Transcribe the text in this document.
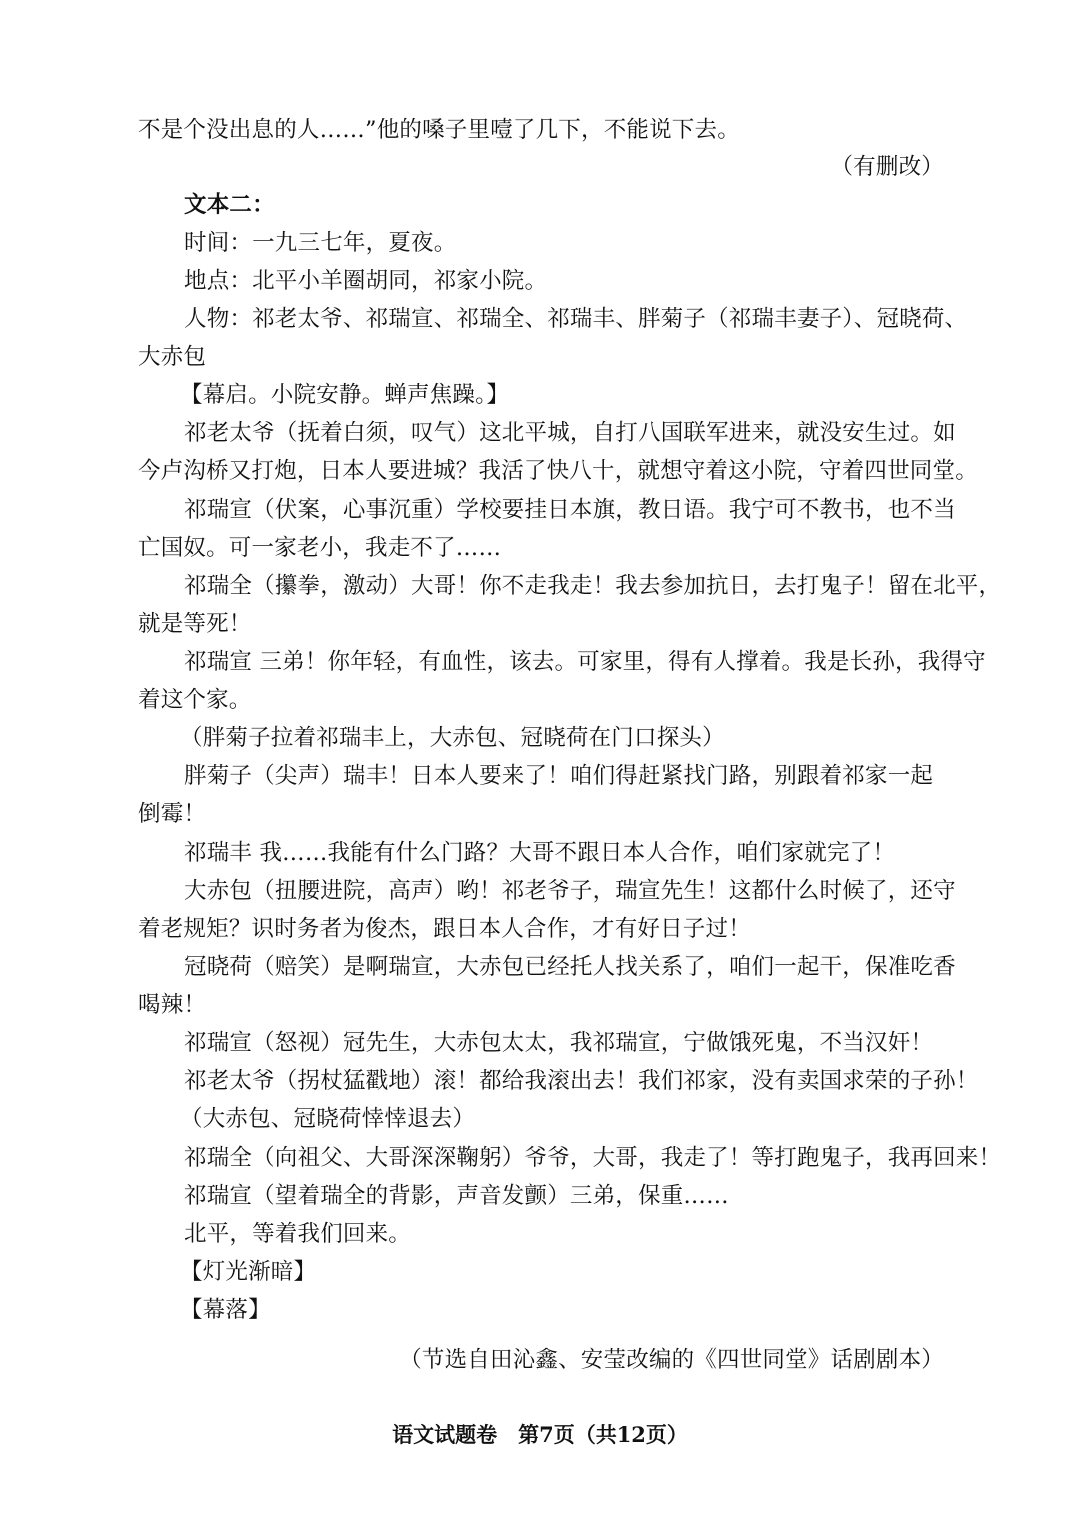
不是个没出息的人……”他的嗓子里噎了几下，不能说下去。
（有删改）
文本二：
时间：一九三七年，夏夜。
地点：北平小羊圈胡同，祁家小院。
人物：祁老太爷、祁瑞宣、祁瑞全、祁瑞丰、胖菊子（祁瑞丰妻子）、冠晓荷、
大赤包
【幕启。小院安静。蝉声焦躁。】
祁老太爷（抚着白须，叹气）这北平城，自打八国联军进来，就没安生过。如
今卢沟桥又打炮，日本人要进城？我活了快八十，就想守着这小院，守着四世同堂。
祁瑞宣（伏案，心事沉重）学校要挂日本旗，教日语。我宁可不教书，也不当
亡国奴。可一家老小，我走不了……
祁瑞全（攥拳，激动）大哥！你不走我走！我去参加抗日，去打鬼子！留在北平，
就是等死！
祁瑞宣 三弟！你年轻，有血性，该去。可家里，得有人撑着。我是长孙，我得守
着这个家。
（胖菊子拉着祁瑞丰上，大赤包、冠晓荷在门口探头）
胖菊子（尖声）瑞丰！日本人要来了！咱们得赶紧找门路，别跟着祁家一起
倒霉！
祁瑞丰 我……我能有什么门路？大哥不跟日本人合作，咱们家就完了！
大赤包（扭腰进院，高声）哟！祁老爷子，瑞宣先生！这都什么时候了，还守
着老规矩？识时务者为俊杰，跟日本人合作，才有好日子过！
冠晓荷（赔笑）是啊瑞宣，大赤包已经托人找关系了，咱们一起干，保准吃香
喝辣！
祁瑞宣（怒视）冠先生，大赤包太太，我祁瑞宣，宁做饿死鬼，不当汉奸！
祁老太爷（拐杖猛戳地）滚！都给我滚出去！我们祁家，没有卖国求荣的子孙！
（大赤包、冠晓荷悻悻退去）
祁瑞全（向祖父、大哥深深鞠躬）爷爷，大哥，我走了！等打跑鬼子，我再回来！
祁瑞宣（望着瑞全的背影，声音发颤）三弟，保重……
北平，等着我们回来。
【灯光渐暗】
【幕落】
（节选自田沁鑫、安莹改编的《四世同堂》话剧剧本）
语文试题卷　第7页（共12页）
